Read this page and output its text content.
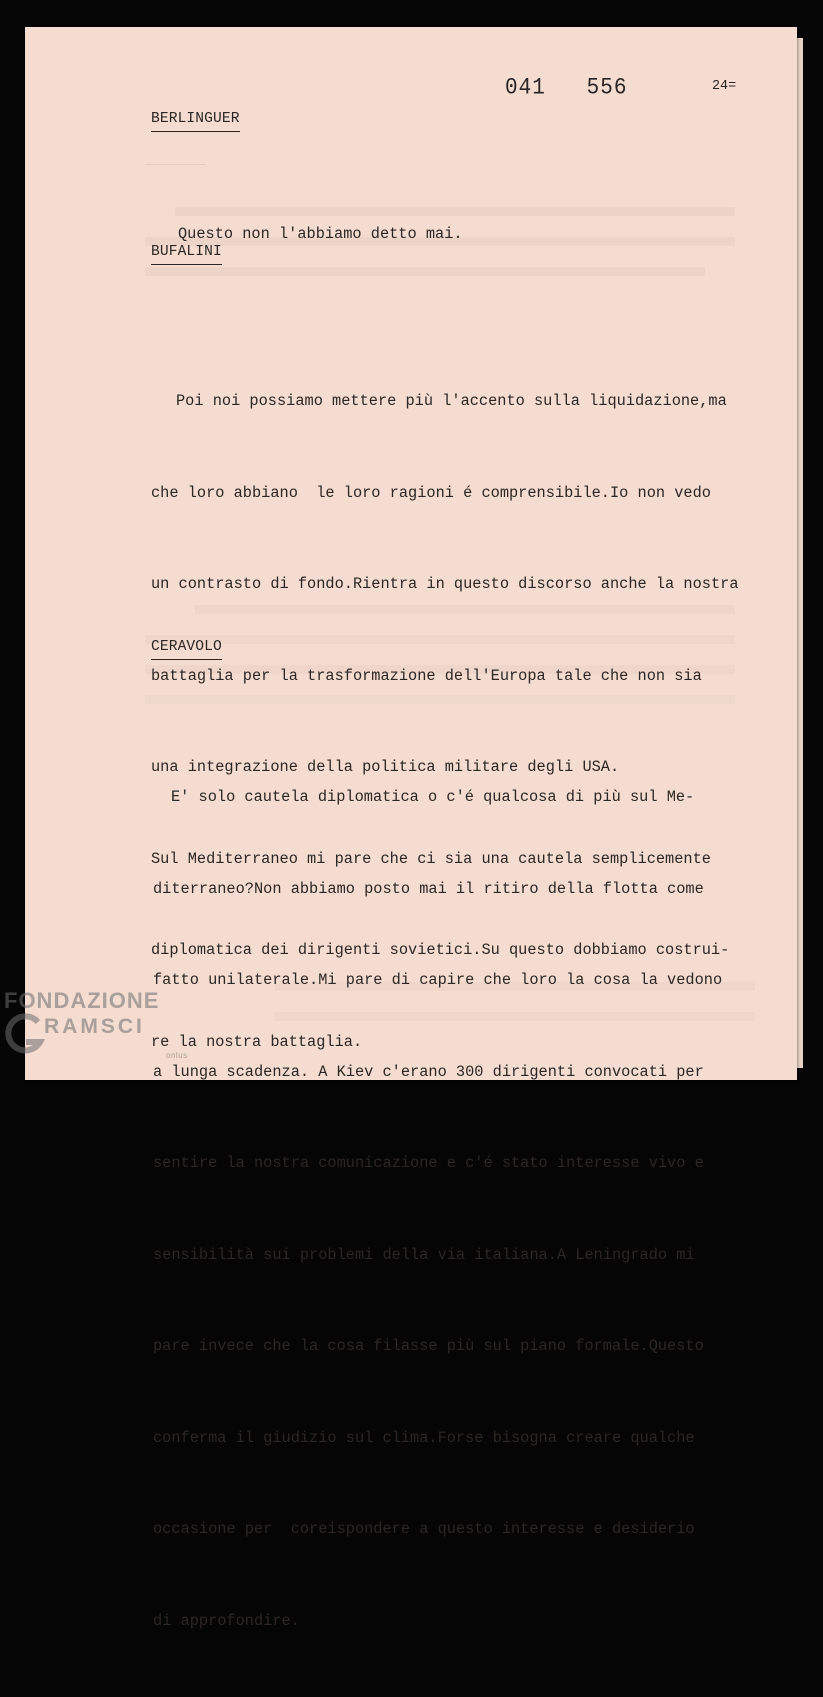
041   556	24=
BERLINGUER

Questo non l'abbiamo detto mai.

BUFALINI

Poi noi possiamo mettere più l'accento sulla liquidazione,ma

che loro abbiano  le loro ragioni é comprensibile.Io non vedo

un contrasto di fondo.Rientra in questo discorso anche la nostra

battaglia per la trasformazione dell'Europa tale che non sia

una integrazione della politica militare degli USA.

Sul Mediterraneo mi pare che ci sia una cautela semplicemente

diplomatica dei dirigenti sovietici.Su questo dobbiamo costrui-

re la nostra battaglia.

CERAVOLO

E' solo cautela diplomatica o c'é qualcosa di più sul Me-

diterraneo?Non abbiamo posto mai il ritiro della flotta come

fatto unilaterale.Mi pare di capire che loro la cosa la vedono

a lunga scadenza. A Kiev c'erano 300 dirigenti convocati per

sentire la nostra comunicazione e c'é stato interesse vivo e

sensibilità sui problemi della via italiana.A Leningrado mi

pare invece che la cosa filasse più sul piano formale.Questo

conferma il giudizio sul clima.Forse bisogna creare qualche

occasione per  coreispondere a questo interesse e desiderio

di approfondire.

FONDAZIONE
RAMSCI
onlus
